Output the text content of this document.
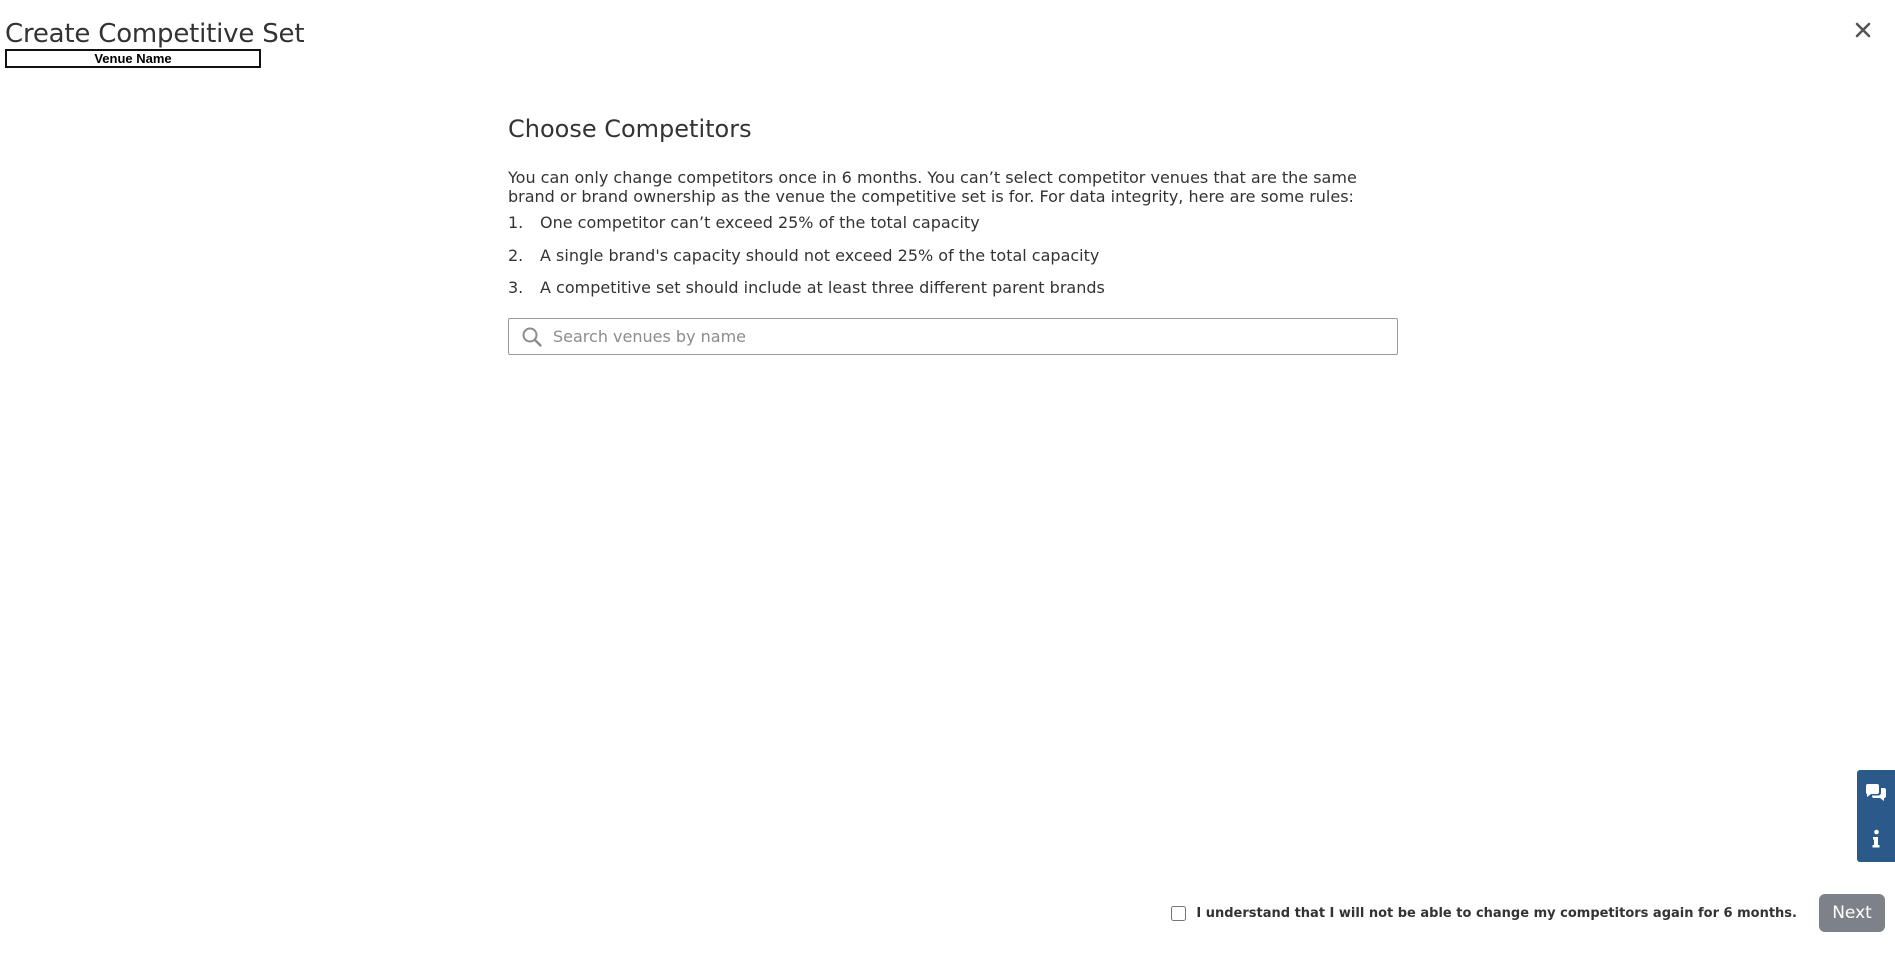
Create Competitive Set
Venue Name
Choose Competitors

You can only change competitors once in 6 months. You can’t select competitor venues that are the same brand or brand ownership as the venue the competitive set is for. For data integrity, here are some rules:

1.	One competitor can’t exceed 25% of the total capacity
2.	A single brand's capacity should not exceed 25% of the total capacity
3.	A competitive set should include at least three different parent brands
Search venues by name
I understand that I will not be able to change my competitors again for 6 months.	Next
